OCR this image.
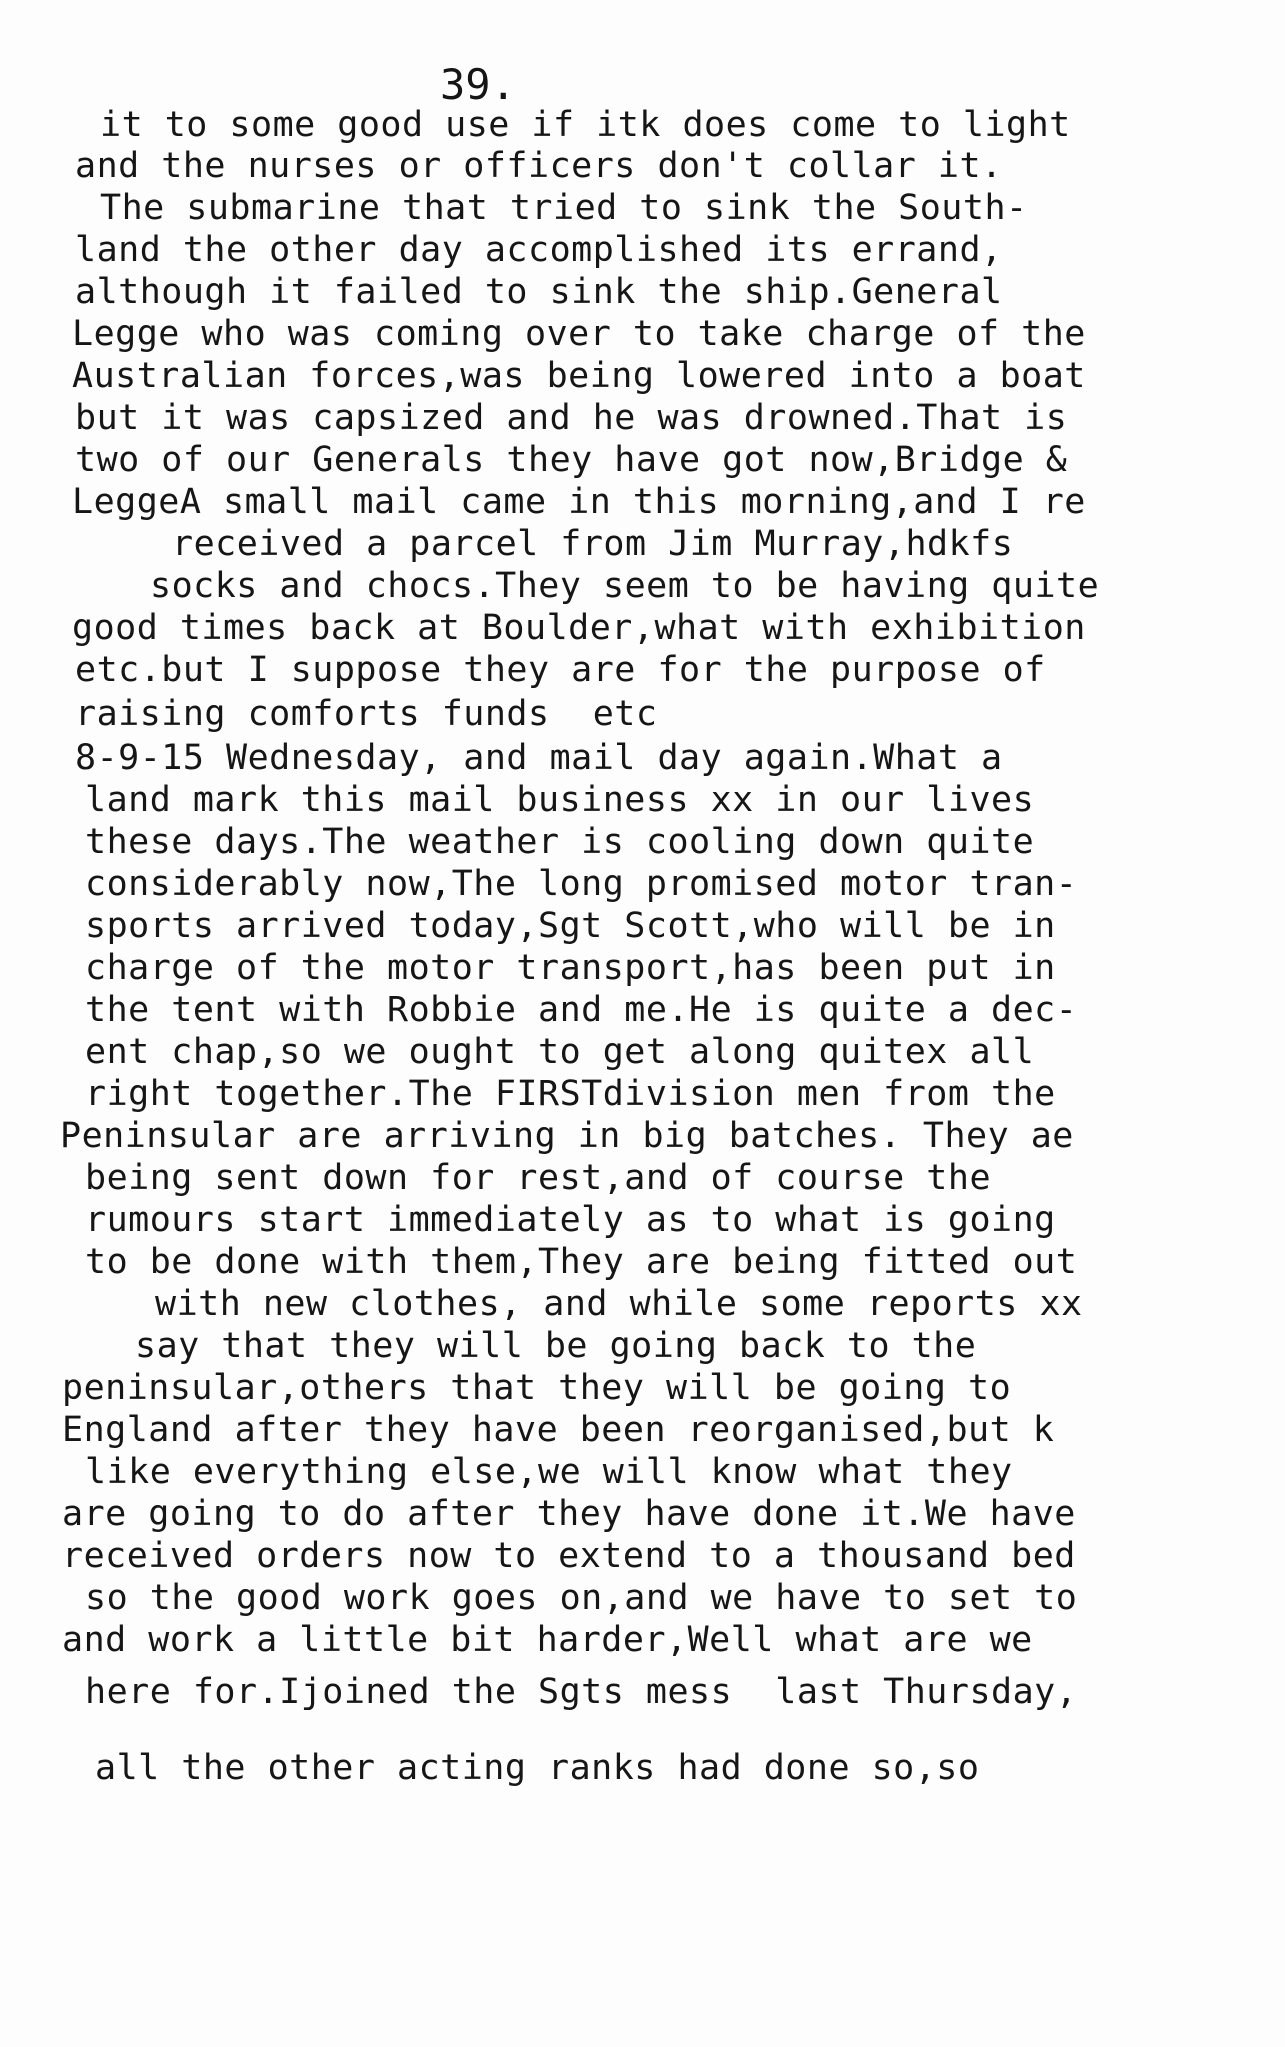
39.
it to some good use if itk does come to light
and the nurses or officers don't collar it.
The submarine that tried to sink the South-
land the other day accomplished its errand,
although it failed to sink the ship.General
Legge who was coming over to take charge of the
Australian forces,was being lowered into a boat
but it was capsized and he was drowned.That is
two of our Generals they have got now,Bridge &
LeggeA small mail came in this morning,and I re
received a parcel from Jim Murray,hdkfs
socks and chocs.They seem to be having quite
good times back at Boulder,what with exhibition
etc.but I suppose they are for the purpose of
raising comforts funds  etc
8-9-15 Wednesday, and mail day again.What a
land mark this mail business xx in our lives
these days.The weather is cooling down quite
considerably now,The long promised motor tran-
sports arrived today,Sgt Scott,who will be in
charge of the motor transport,has been put in
the tent with Robbie and me.He is quite a dec-
ent chap,so we ought to get along quitex all
right together.The FIRSTdivision men from the
Peninsular are arriving in big batches. They ae
being sent down for rest,and of course the
rumours start immediately as to what is going
to be done with them,They are being fitted out
with new clothes, and while some reports xx
say that they will be going back to the
peninsular,others that they will be going to
England after they have been reorganised,but k
like everything else,we will know what they
are going to do after they have done it.We have
received orders now to extend to a thousand bed
so the good work goes on,and we have to set to
and work a little bit harder,Well what are we
here for.Ijoined the Sgts mess  last Thursday,
all the other acting ranks had done so,so
